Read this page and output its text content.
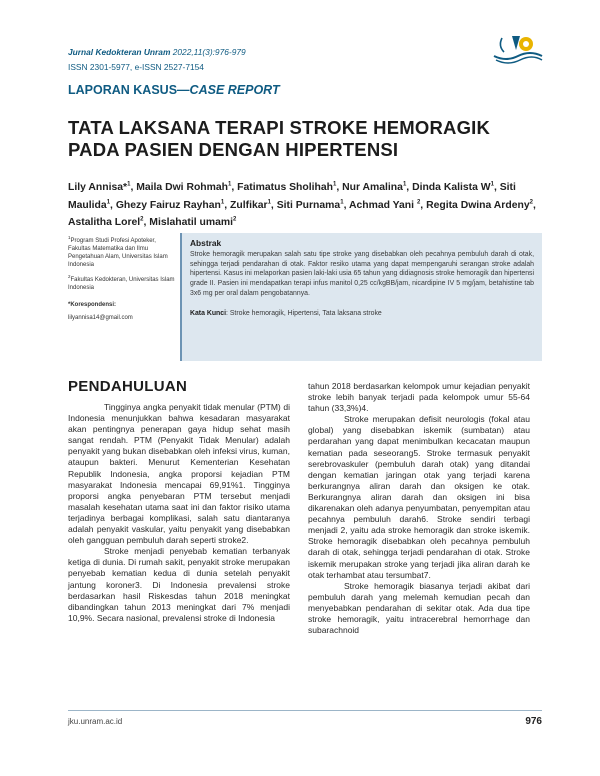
Jurnal Kedokteran Unram 2022,11(3):976-979
ISSN 2301-5977, e-ISSN 2527-7154
LAPORAN KASUS—CASE REPORT
TATA LAKSANA TERAPI STROKE HEMORAGIK PADA PASIEN DENGAN HIPERTENSI
Lily Annisa*$^1$, Maila Dwi Rohmah$^1$, Fatimatus Sholihah$^1$, Nur Amalina$^1$, Dinda Kalista $W^1$, Siti Maulida$^1$, Ghezy Fairuz Rayhan$^1$, Zulfikar$^1$, Siti Purnama$^1$, Achmad Yani $^2$, Regita Dwina Ardeny$^2$, Astalitha Lorel$^2$, Mislahatil umami$^2$
$^1$Program Studi Profesi Apoteker, Fakultas Matematika dan Ilmu Pengetahuan Alam, Universitas Islam Indonesia
$^2$Fakultas Kedokteran, Universitas Islam Indonesia
*Korespondensi:
lilyannisa14@gmail.com
Abstrak
Stroke hemoragik merupakan salah satu tipe stroke yang disebabkan oleh pecahnya pembuluh darah di otak, sehingga terjadi pendarahan di otak. Faktor resiko utama yang dapat mempengaruhi serangan stroke adalah hipertensi. Kasus ini melaporkan pasien laki-laki usia 65 tahun yang didiagnosis stroke hemoragik dan hipertensi grade II. Pasien ini mendapatkan terapi infus manitol 0,25 cc/kgBB/jam, nicardipine IV 5 mg/jam, betahistine tab 3x6 mg per oral dalam pengobatannya.
Kata Kunci: Stroke hemoragik, Hipertensi, Tata laksana stroke
PENDAHULUAN

Tingginya angka penyakit tidak menular (PTM) di Indonesia menunjukkan bahwa kesadaran masyarakat akan pentingnya penerapan gaya hidup sehat masih sangat rendah. PTM (Penyakit Tidak Menular) adalah penyakit yang bukan disebabkan oleh infeksi virus, kuman, ataupun bakteri. Menurut Kementerian Kesehatan Republik Indonesia, angka proporsi kejadian PTM masyarakat Indonesia mencapai 69,91%1. Tingginya proporsi angka penyebaran PTM tersebut menjadi masalah kesehatan utama saat ini dan faktor risiko utama terjadinya berbagai komplikasi, salah satu diantaranya adalah penyakit vaskular, yaitu penyakit yang disebabkan oleh gangguan pembuluh darah seperti stroke2.

Stroke menjadi penyebab kematian terbanyak ketiga di dunia. Di rumah sakit, penyakit stroke merupakan penyebab kematian kedua di dunia setelah penyakit jantung koroner3. Di Indonesia prevalensi stroke berdasarkan hasil Riskesdas tahun 2018 meningkat dibandingkan tahun 2013 meningkat dari 7% menjadi 10,9%. Secara nasional, prevalensi stroke di Indonesia

tahun 2018 berdasarkan kelompok umur kejadian penyakit stroke lebih banyak terjadi pada kelompok umur 55-64 tahun (33,3%)4.

Stroke merupakan defisit neurologis (fokal atau global) yang disebabkan iskemik (sumbatan) atau perdarahan yang dapat menimbulkan kecacatan maupun kematian pada seseorang5. Stroke termasuk penyakit serebrovaskuler (pembuluh darah otak) yang ditandai dengan kematian jaringan otak yang terjadi karena berkurangnya aliran darah dan oksigen ke otak. Berkurangnya aliran darah dan oksigen ini bisa dikarenakan oleh adanya penyumbatan, penyempitan atau pecahnya pembuluh darah6. Stroke sendiri terbagi menjadi 2, yaitu ada stroke hemoragik dan stroke iskemik. Stroke hemoragik disebabkan oleh pecahnya pembuluh darah di otak, sehingga terjadi pendarahan di otak. Stroke iskemik merupakan stroke yang terjadi jika aliran darah ke otak terhambat atau tersumbat7.

Stroke hemoragik biasanya terjadi akibat dari pembuluh darah yang melemah kemudian pecah dan menyebabkan pendarahan di sekitar otak. Ada dua tipe stroke hemoragik, yaitu intracerebral hemorrhage dan subarachnoid

jku.unram.ac.id	976
